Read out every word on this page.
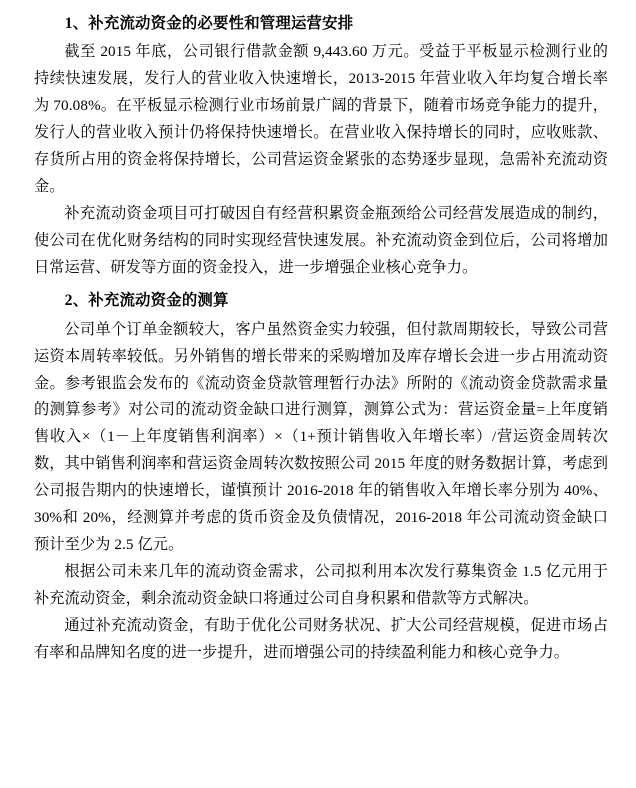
1、补充流动资金的必要性和管理运营安排

截至 2015 年底，公司银行借款金额 9,443.60 万元。受益于平板显示检测行业的持续快速发展，发行人的营业收入快速增长，2013-2015 年营业收入年均复合增长率为 70.08%。在平板显示检测行业市场前景广阔的背景下，随着市场竞争能力的提升，发行人的营业收入预计仍将保持快速增长。在营业收入保持增长的同时，应收账款、存货所占用的资金将保持增长，公司营运资金紧张的态势逐步显现，急需补充流动资金。

补充流动资金项目可打破因自有经营积累资金瓶颈给公司经营发展造成的制约，使公司在优化财务结构的同时实现经营快速发展。补充流动资金到位后，公司将增加日常运营、研发等方面的资金投入，进一步增强企业核心竞争力。

2、补充流动资金的测算

公司单个订单金额较大，客户虽然资金实力较强，但付款周期较长，导致公司营运资本周转率较低。另外销售的增长带来的采购增加及库存增长会进一步占用流动资金。参考银监会发布的《流动资金贷款管理暂行办法》所附的《流动资金贷款需求量的测算参考》对公司的流动资金缺口进行测算，测算公式为：营运资金量=上年度销售收入×（1－上年度销售利润率）×（1+预计销售收入年增长率）/营运资金周转次数，其中销售利润率和营运资金周转次数按照公司 2015 年度的财务数据计算，考虑到公司报告期内的快速增长，谨慎预计 2016-2018 年的销售收入年增长率分别为 40%、30%和 20%，经测算并考虑的货币资金及负债情况，2016-2018 年公司流动资金缺口预计至少为 2.5 亿元。

根据公司未来几年的流动资金需求，公司拟利用本次发行募集资金 1.5 亿元用于补充流动资金，剩余流动资金缺口将通过公司自身积累和借款等方式解决。

通过补充流动资金，有助于优化公司财务状况、扩大公司经营规模，促进市场占有率和品牌知名度的进一步提升，进而增强公司的持续盈利能力和核心竞争力。
